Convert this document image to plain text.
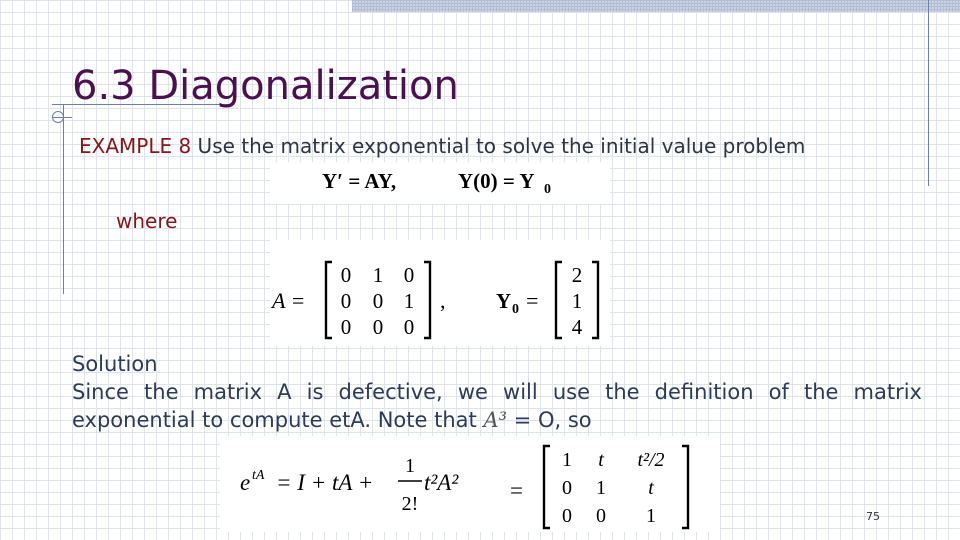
6.3 Diagonalization

EXAMPLE 8 Use the matrix exponential to solve the initial value problem

Y′ = AY,	Y(0) = Y 0
where
A =
0 1 0
0 0 1
0 0 0
, Y 0 =
2
1
4

Solution

Since the matrix A is defective, we will use the definition of the matrix

exponential to compute etA. Note that A³ = O, so

e tA = I + tA +
1
2!
t²A² =
1 t t²/2
0 1 t
0 0 1	75
